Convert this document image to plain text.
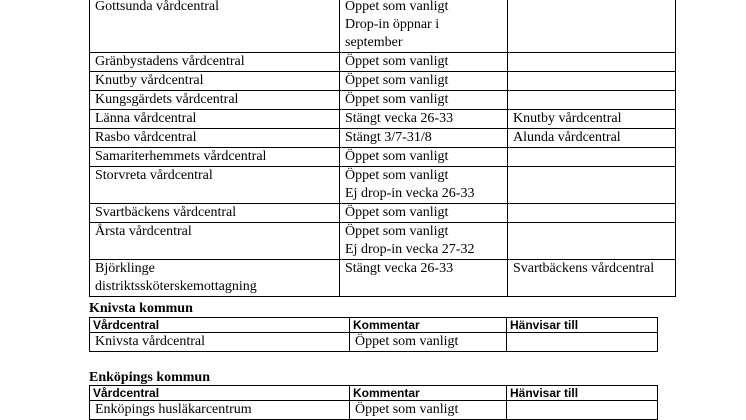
Gottsunda vårdcentral	Öppet som vanligt
Drop-in öppnar i
september	
Gränbystadens vårdcentral	Öppet som vanligt	
Knutby vårdcentral	Öppet som vanligt	
Kungsgärdets vårdcentral	Öppet som vanligt	
Länna vårdcentral	Stängt vecka 26-33	Knutby vårdcentral
Rasbo vårdcentral	Stängt 3/7-31/8	Alunda vårdcentral
Samariterhemmets vårdcentral	Öppet som vanligt	
Storvreta vårdcentral	Öppet som vanligt
Ej drop-in vecka 26-33	
Svartbäckens vårdcentral	Öppet som vanligt	
Årsta vårdcentral	Öppet som vanligt
Ej drop-in vecka 27-32	
Björklinge
distriktssköterskemottagning	Stängt vecka 26-33	Svartbäckens vårdcentral
Knivsta kommun
Vårdcentral	Kommentar	Hänvisar till
Knivsta vårdcentral	Öppet som vanligt	
Enköpings kommun
Vårdcentral	Kommentar	Hänvisar till
Enköpings husläkarcentrum	Öppet som vanligt	
